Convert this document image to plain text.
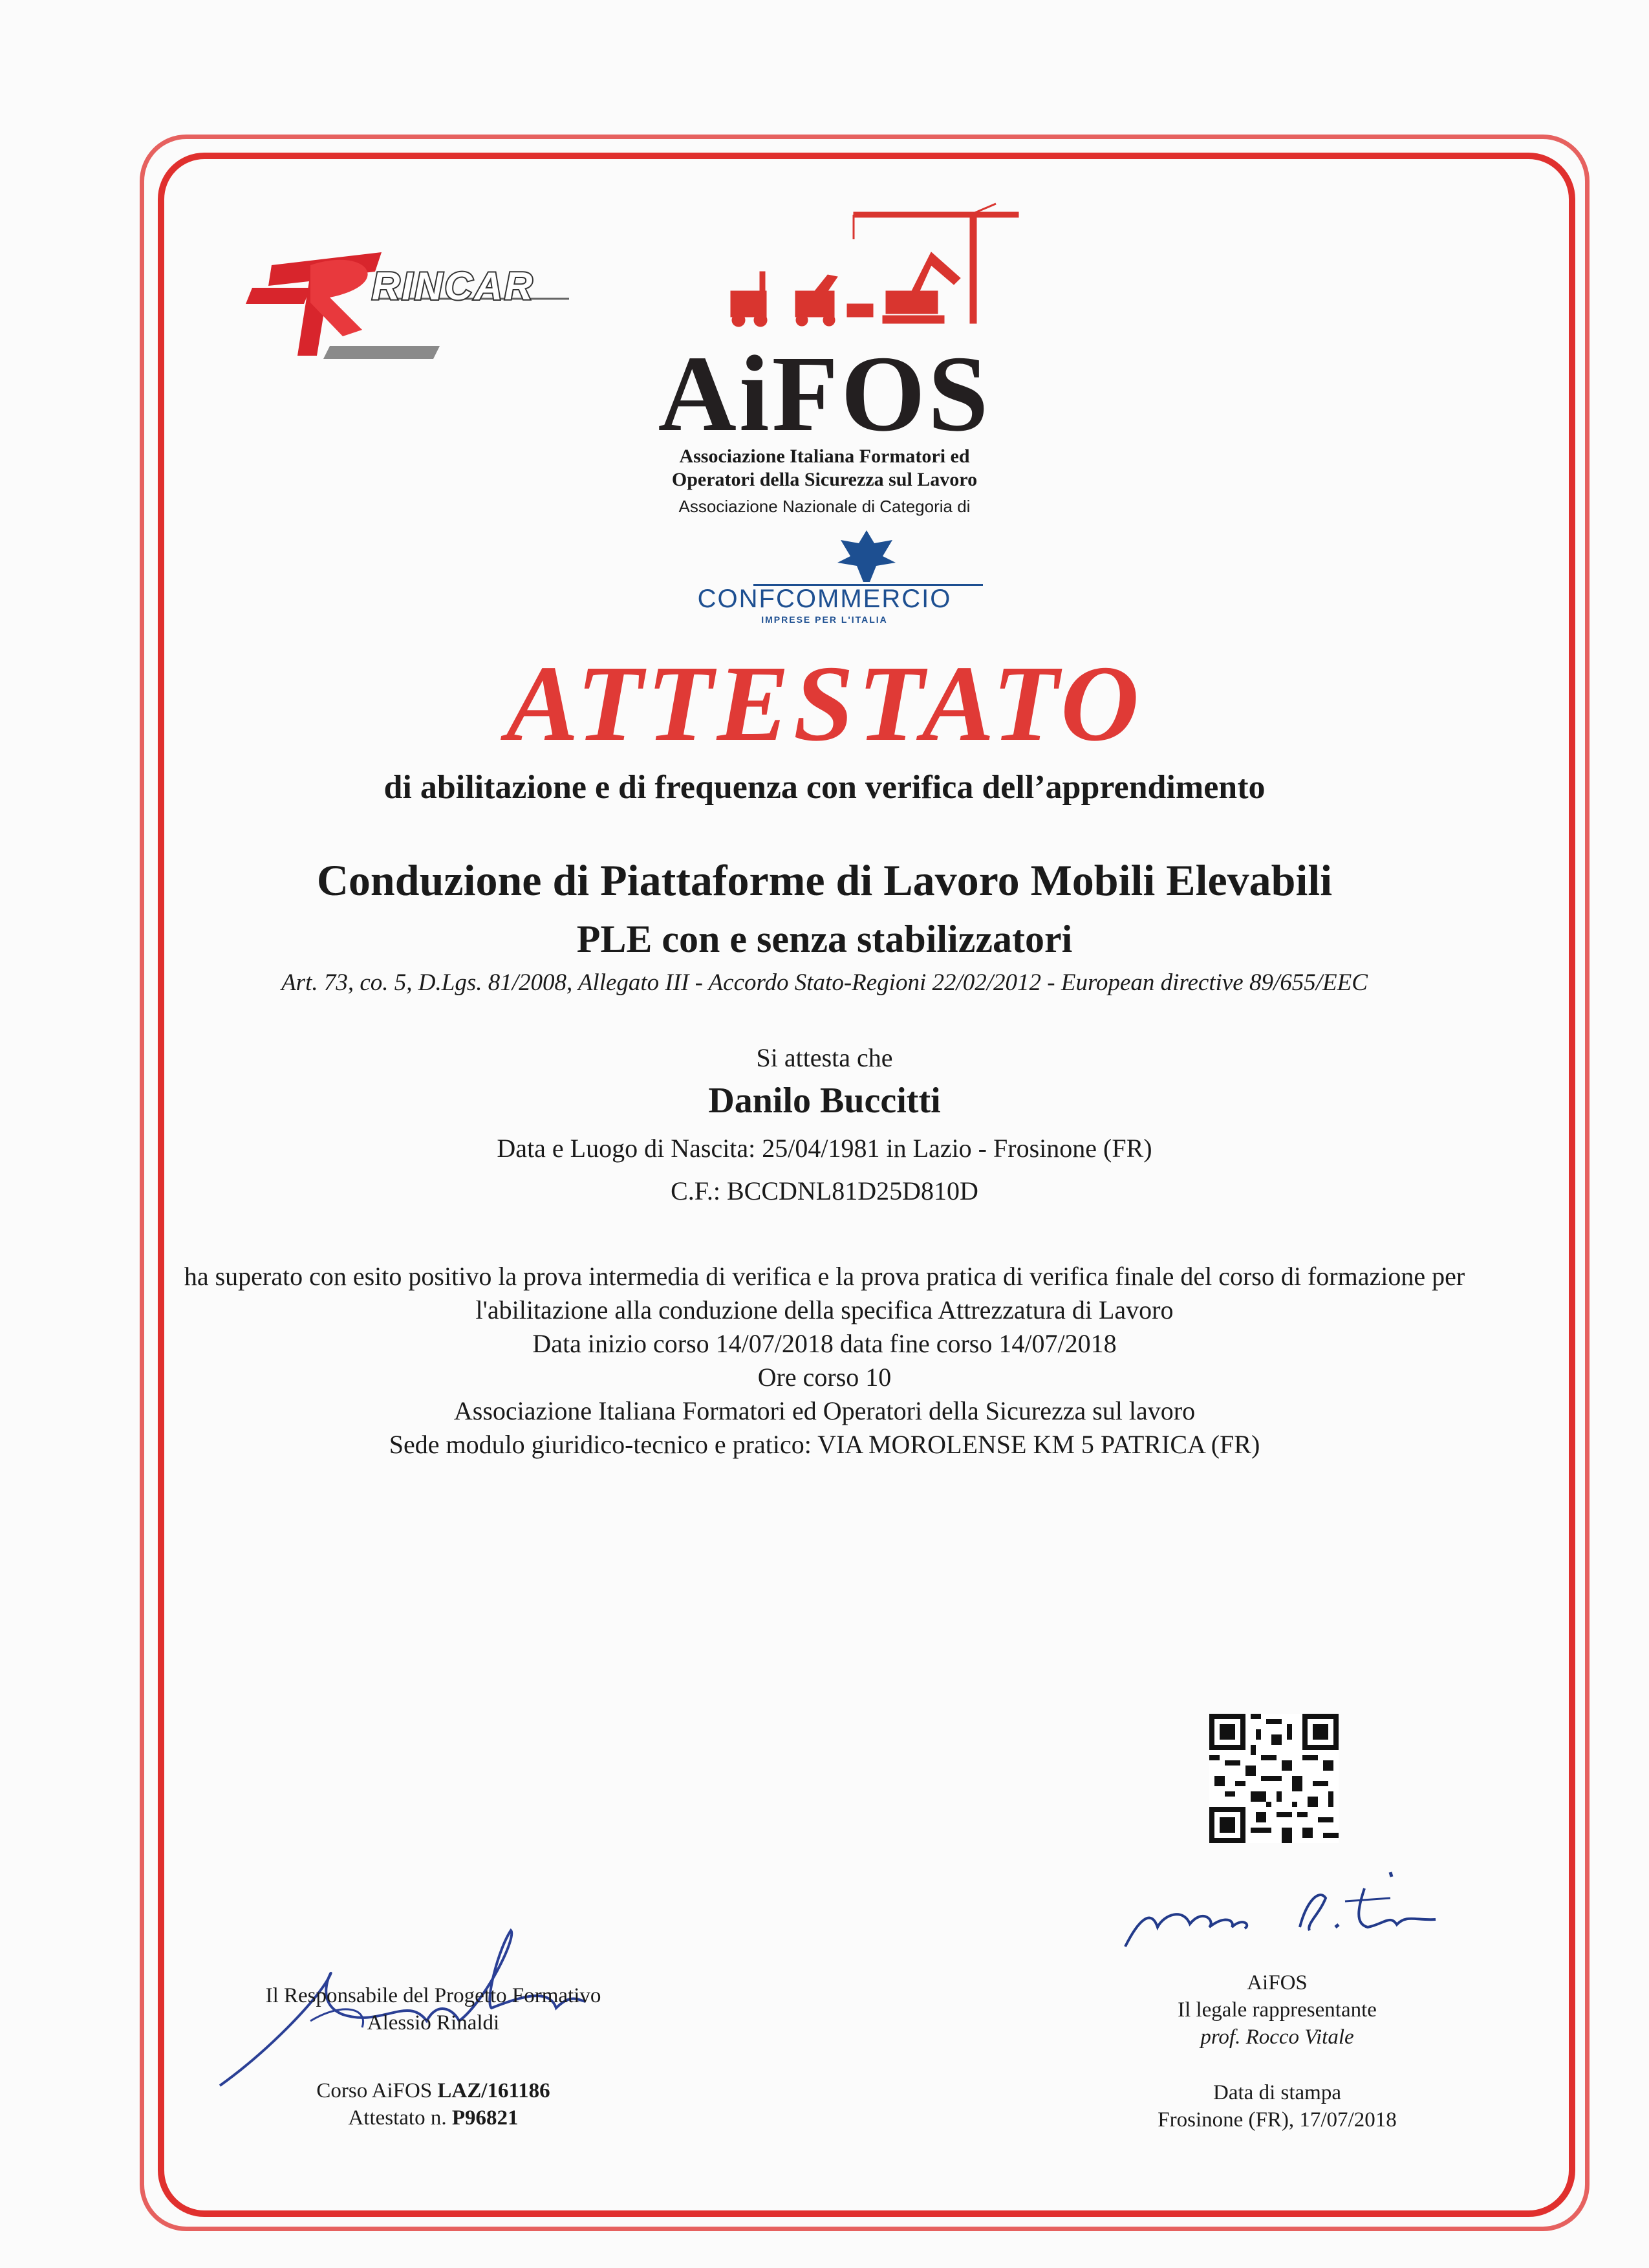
RINCAR
AiFOS
Associazione Italiana Formatori ed
Operatori della Sicurezza sul Lavoro
Associazione Nazionale di Categoria di
CONFCOMMERCIO
IMPRESE PER L'ITALIA
ATTESTATO
di abilitazione e di frequenza con verifica dell’apprendimento
Conduzione di Piattaforme di Lavoro Mobili Elevabili
PLE con e senza stabilizzatori
Art. 73, co. 5, D.Lgs. 81/2008, Allegato III - Accordo Stato-Regioni 22/02/2012 - European directive 89/655/EEC
Si attesta che
Danilo Buccitti
Data e Luogo di Nascita: 25/04/1981 in Lazio - Frosinone (FR)
C.F.: BCCDNL81D25D810D
ha superato con esito positivo la prova intermedia di verifica e la prova pratica di verifica finale del corso di formazione per
l'abilitazione alla conduzione della specifica Attrezzatura di Lavoro
Data inizio corso 14/07/2018 data fine corso 14/07/2018
Ore corso 10
Associazione Italiana Formatori ed Operatori della Sicurezza sul lavoro
Sede modulo giuridico-tecnico e pratico: VIA MOROLENSE KM 5 PATRICA (FR)
Il Responsabile del Progetto Formativo
Alessio Rinaldi
Corso AiFOS LAZ/161186
Attestato n. P96821
AiFOS
Il legale rappresentante
prof. Rocco Vitale
Data di stampa
Frosinone (FR), 17/07/2018
